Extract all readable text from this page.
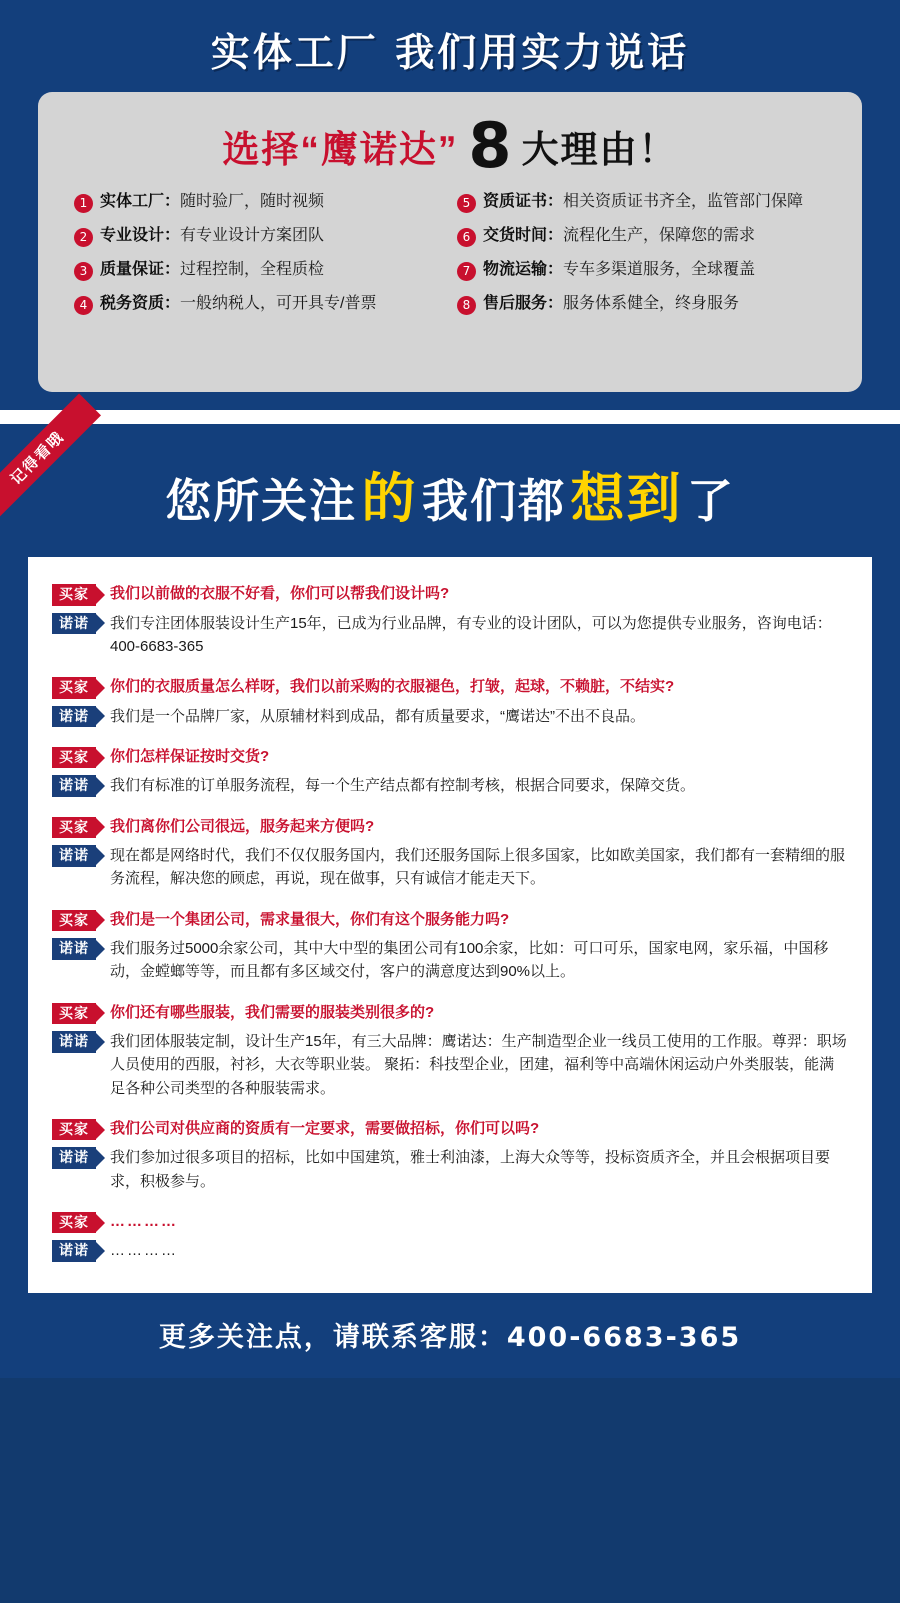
实体工厂 我们用实力说话
选择“鹰诺达” 8 大理由！
1 实体工厂：随时验厂，随时视频	5 资质证书：相关资质证书齐全，监管部门保障
2 专业设计：有专业设计方案团队	6 交货时间：流程化生产，保障您的需求
3 质量保证：过程控制，全程质检	7 物流运输：专车多渠道服务，全球覆盖
4 税务资质：一般纳税人，可开具专/普票	8 售后服务：服务体系健全，终身服务
记得看哦
您所关注 的 我们都 想到 了
买家	我们以前做的衣服不好看，你们可以帮我们设计吗?
诺诺	我们专注团体服装设计生产15年，已成为行业品牌，有专业的设计团队，可以为您提供专业服务，咨询电话：400-6683-365
买家	你们的衣服质量怎么样呀，我们以前采购的衣服褪色，打皱，起球，不赖脏，不结实?
诺诺	我们是一个品牌厂家，从原辅材料到成品，都有质量要求，“鹰诺达”不出不良品。
买家	你们怎样保证按时交货?
诺诺	我们有标准的订单服务流程，每一个生产结点都有控制考核，根据合同要求，保障交货。
买家	我们离你们公司很远，服务起来方便吗?
诺诺	现在都是网络时代，我们不仅仅服务国内，我们还服务国际上很多国家，比如欧美国家，我们都有一套精细的服务流程，解决您的顾虑，再说，现在做事，只有诚信才能走天下。
买家	我们是一个集团公司，需求量很大，你们有这个服务能力吗?
诺诺	我们服务过5000余家公司，其中大中型的集团公司有100余家，比如：可口可乐，国家电网，家乐福，中国移动，金螳螂等等，而且都有多区域交付，客户的满意度达到90%以上。
买家	你们还有哪些服装，我们需要的服装类别很多的?
诺诺	我们团体服装定制，设计生产15年，有三大品牌：鹰诺达：生产制造型企业一线员工使用的工作服。尊羿：职场人员使用的西服，衬衫，大衣等职业装。 聚拓：科技型企业，团建，福利等中高端休闲运动户外类服装，能满足各种公司类型的各种服装需求。
买家	我们公司对供应商的资质有一定要求，需要做招标，你们可以吗?
诺诺	我们参加过很多项目的招标，比如中国建筑，雅士利油漆，上海大众等等，投标资质齐全，并且会根据项目要求，积极参与。
买家	…………
诺诺	…………
更多关注点，请联系客服：400-6683-365
